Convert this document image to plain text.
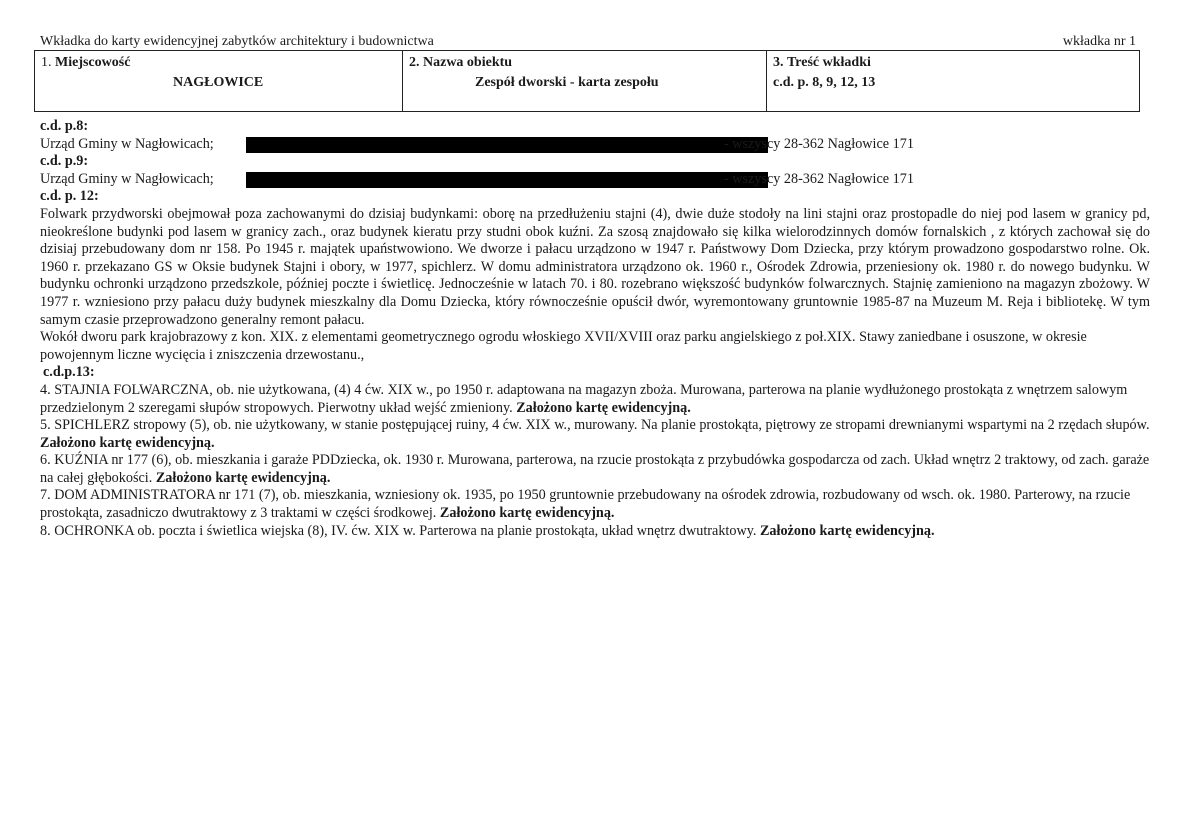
Wkładka do karty ewidencyjnej zabytków architektury i budownictwa	wkładka nr 1
1. Miejscowość
NAGŁOWICE
2. Nazwa obiektu
Zespół dworski - karta zespołu
3. Treść wkładki
c.d. p. 8, 9, 12, 13

c.d. p.8:

Urząd Gminy w Nagłowicach;	- wszyscy 28-362 Nagłowice 171

c.d. p.9:

Urząd Gminy w Nagłowicach;	- wszyscy 28-362 Nagłowice 171

c.d. p. 12:

Folwark przydworski obejmował poza zachowanymi do dzisiaj budynkami: oborę na przedłużeniu stajni (4), dwie duże stodoły na lini stajni oraz prostopadle do niej pod lasem w granicy pd, nieokreślone budynki pod lasem w granicy zach., oraz budynek kieratu przy studni obok kuźni. Za szosą znajdowało się kilka wielorodzinnych domów fornalskich , z których zachował się do dzisiaj przebudowany dom nr 158. Po 1945 r. majątek upaństwowiono. We dworze i pałacu urządzono w 1947 r. Państwowy Dom Dziecka, przy którym prowadzono gospodarstwo rolne. Ok. 1960 r. przekazano GS w Oksie budynek Stajni i obory, w 1977, spichlerz. W domu administratora urządzono ok. 1960 r., Ośrodek Zdrowia, przeniesiony ok. 1980 r. do nowego budynku. W budynku ochronki urządzono przedszkole, później poczte i świetlicę. Jednocześnie w latach 70. i 80. rozebrano większość budynków folwarcznych. Stajnię zamieniono na magazyn zbożowy. W 1977 r. wzniesiono przy pałacu duży budynek mieszkalny dla Domu Dziecka, który równocześnie opuścił dwór, wyremontowany gruntownie 1985-87 na Muzeum M. Reja i bibliotekę. W tym samym czasie przeprowadzono generalny remont pałacu.

Wokół dworu park krajobrazowy z kon. XIX. z elementami geometrycznego ogrodu włoskiego XVII/XVIII oraz parku angielskiego z poł.XIX. Stawy zaniedbane i osuszone, w okresie powojennym liczne wycięcia i zniszczenia drzewostanu.,

c.d.p.13:

4. STAJNIA FOLWARCZNA, ob. nie użytkowana, (4) 4 ćw. XIX w., po 1950 r. adaptowana na magazyn zboża. Murowana, parterowa na planie wydłużonego prostokąta z wnętrzem salowym przedzielonym 2 szeregami słupów stropowych. Pierwotny układ wejść zmieniony. Założono kartę ewidencyjną.

5. SPICHLERZ stropowy (5), ob. nie użytkowany, w stanie postępującej ruiny, 4 ćw. XIX w., murowany. Na planie prostokąta, piętrowy ze stropami drewnianymi wspartymi na 2 rzędach słupów. Założono kartę ewidencyjną.

6. KUŹNIA nr 177 (6), ob. mieszkania i garaże PDDziecka, ok. 1930 r. Murowana, parterowa, na rzucie prostokąta z przybudówka gospodarcza od zach. Układ wnętrz 2 traktowy, od zach. garaże na całej głębokości. Założono kartę ewidencyjną.

7. DOM ADMINISTRATORA nr 171 (7), ob. mieszkania, wzniesiony ok. 1935, po 1950 gruntownie przebudowany na ośrodek zdrowia, rozbudowany od wsch. ok. 1980. Parterowy, na rzucie prostokąta, zasadniczo dwutraktowy z 3 traktami w części środkowej. Założono kartę ewidencyjną.

8. OCHRONKA ob. poczta i świetlica wiejska (8), IV. ćw. XIX w. Parterowa na planie prostokąta, układ wnętrz dwutraktowy. Założono kartę ewidencyjną.
